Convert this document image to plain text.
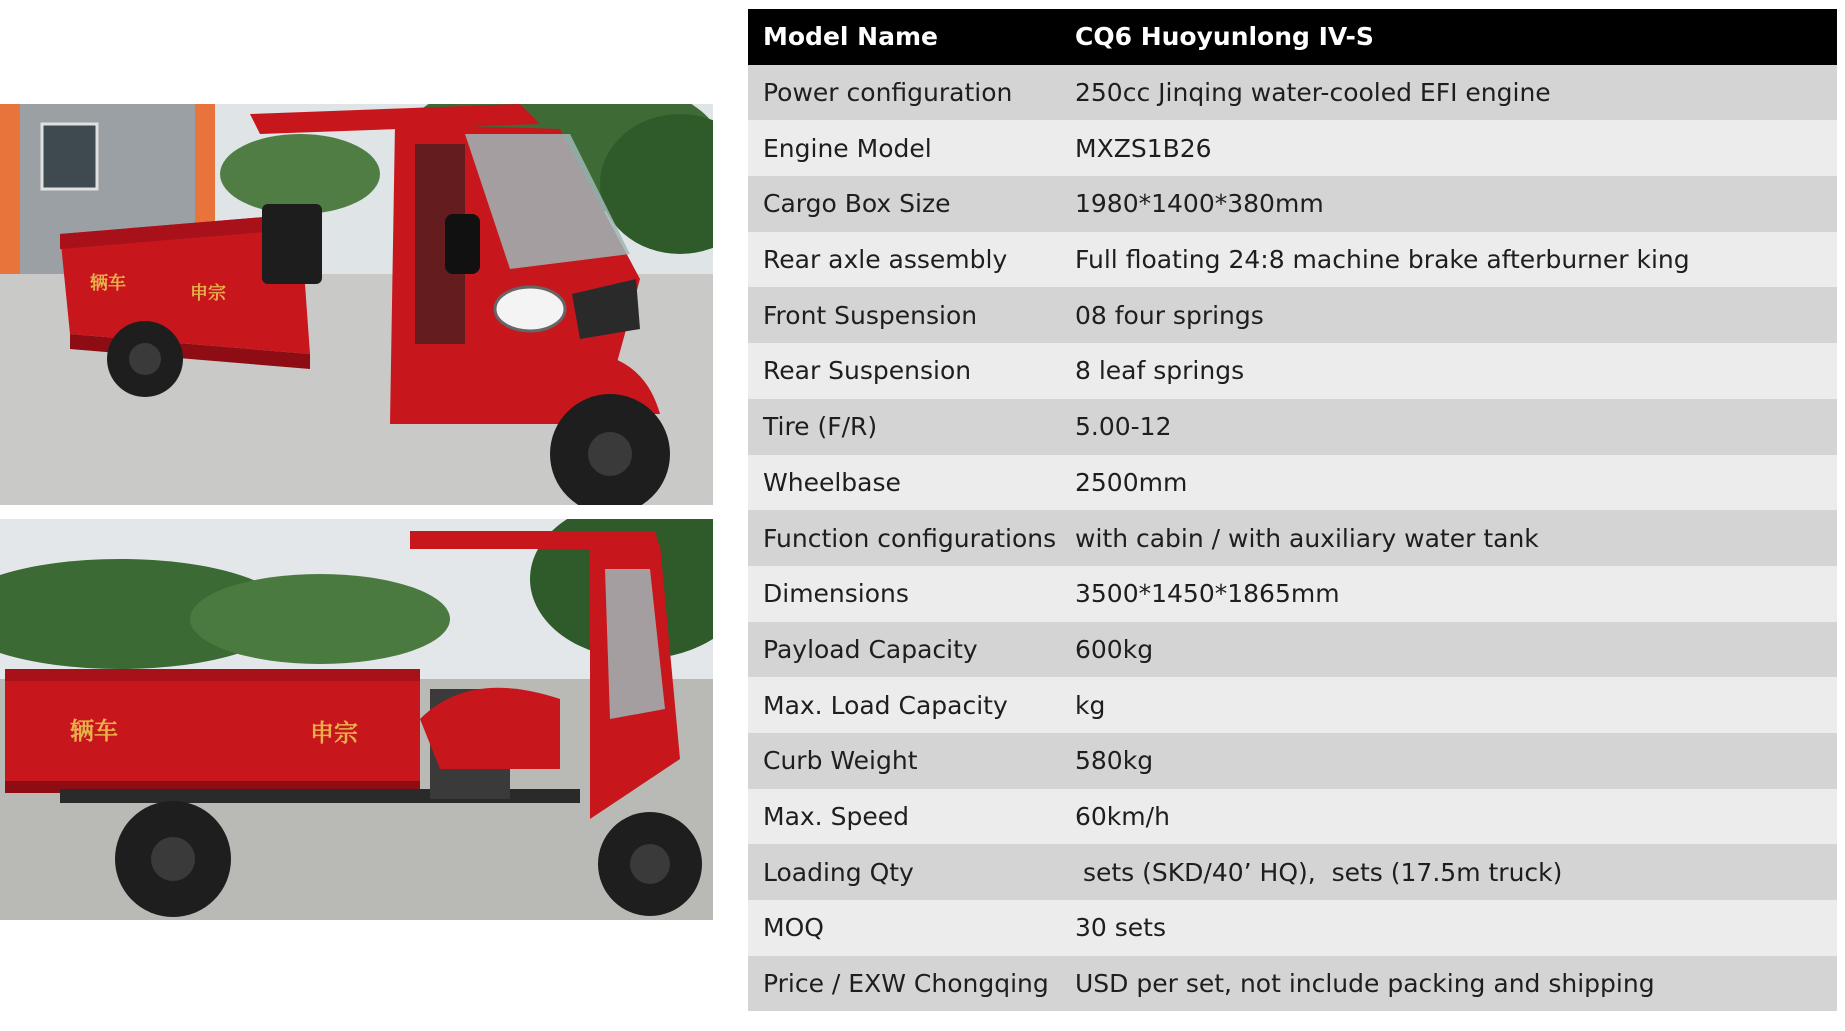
辆车	申宗
辆车	申宗
Model Name	CQ6 Huoyunlong IV-S
Power configuration	250cc Jinqing water-cooled EFI engine
Engine Model	MXZS1B26
Cargo Box Size	1980*1400*380mm
Rear axle assembly	Full floating 24:8 machine brake afterburner king
Front Suspension	08 four springs
Rear Suspension	8 leaf springs
Tire (F/R)	5.00-12
Wheelbase	2500mm
Function configurations	with cabin / with auxiliary water tank
Dimensions	3500*1450*1865mm
Payload Capacity	600kg
Max. Load Capacity	kg
Curb Weight	580kg
Max. Speed	60km/h
Loading Qty	sets (SKD/40’ HQ),  sets (17.5m truck)
MOQ	30 sets
Price / EXW Chongqing	USD per set, not include packing and shipping
